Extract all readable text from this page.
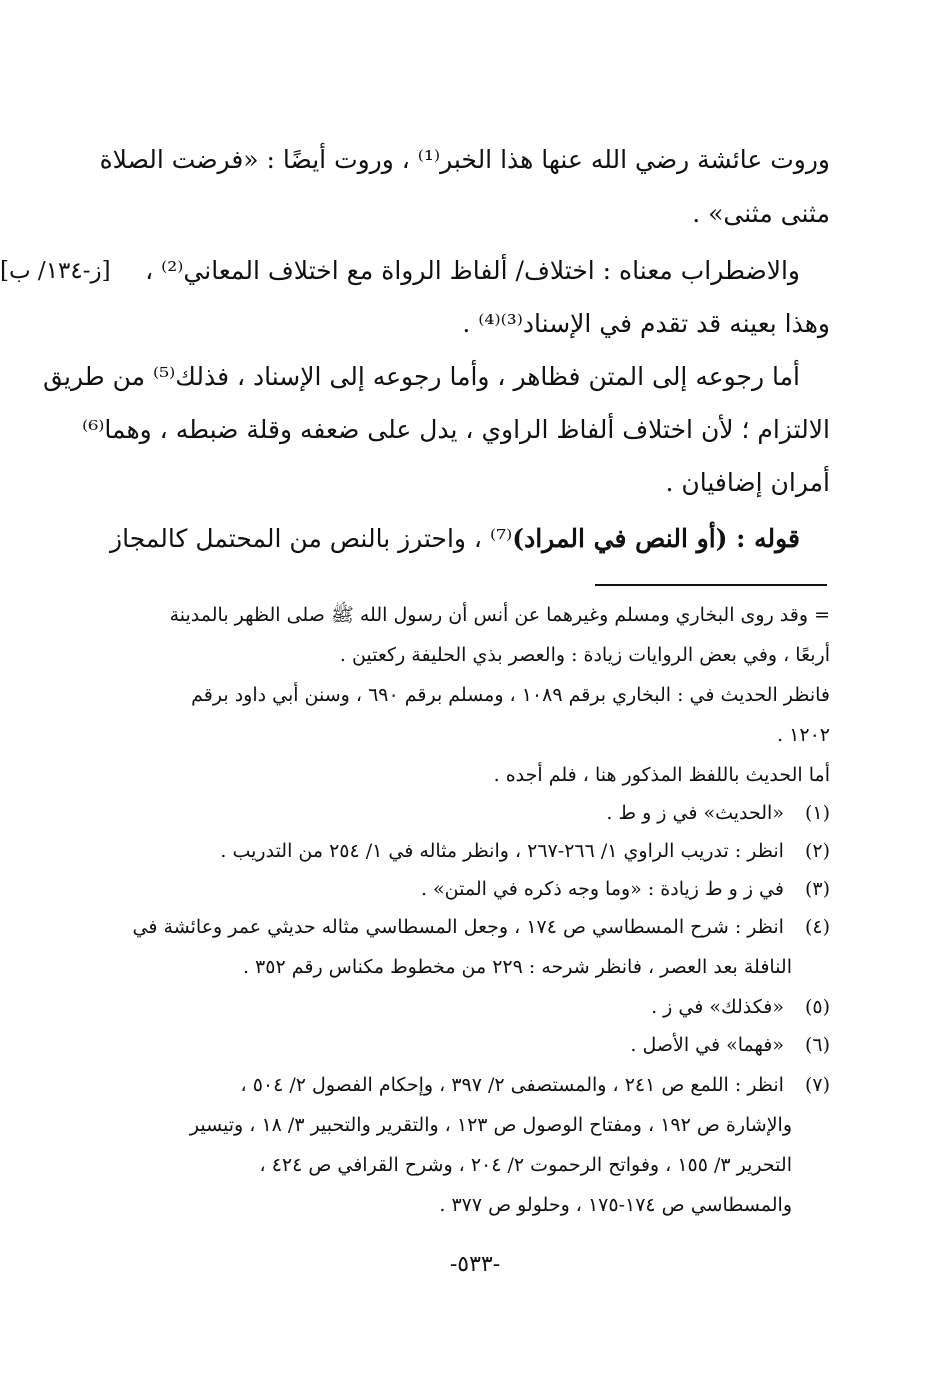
وروت عائشة رضي الله عنها هذا الخبر⁽¹⁾ ، وروت أيضًا : «فرضت الصلاة
مثنى مثنى» .
والاضطراب معناه : اختلاف/ ألفاظ الرواة مع اختلاف المعاني⁽²⁾ ،
[ز-١٣٤/ ب]
وهذا بعينه قد تقدم في الإسناد⁽³⁾⁽⁴⁾ .
أما رجوعه إلى المتن فظاهر ، وأما رجوعه إلى الإسناد ، فذلك⁽⁵⁾ من طريق
الالتزام ؛ لأن اختلاف ألفاظ الراوي ، يدل على ضعفه وقلة ضبطه ، وهما⁽⁶⁾
أمران إضافيان .
قوله : (أو النص في المراد)⁽⁷⁾ ، واحترز بالنص من المحتمل كالمجاز
= وقد روى البخاري ومسلم وغيرهما عن أنس أن رسول الله ﷺ صلى الظهر بالمدينة
أربعًا ، وفي بعض الروايات زيادة : والعصر بذي الحليفة ركعتين .
فانظر الحديث في : البخاري برقم ١٠٨٩ ، ومسلم برقم ٦٩٠ ، وسنن أبي داود برقم
١٢٠٢ .
أما الحديث باللفظ المذكور هنا ، فلم أجده .
(١) «الحديث» في ز و ط .
(٢) انظر : تدريب الراوي ١/ ٢٦٦-٢٦٧ ، وانظر مثاله في ١/ ٢٥٤ من التدريب .
(٣) في ز و ط زيادة : «وما وجه ذكره في المتن» .
(٤) انظر : شرح المسطاسي ص ١٧٤ ، وجعل المسطاسي مثاله حديثي عمر وعائشة في
النافلة بعد العصر ، فانظر شرحه : ٢٢٩ من مخطوط مكناس رقم ٣٥٢ .
(٥) «فكذلك» في ز .
(٦) «فهما» في الأصل .
(٧) انظر : اللمع ص ٢٤١ ، والمستصفى ٢/ ٣٩٧ ، وإحكام الفصول ٢/ ٥٠٤ ،
والإشارة ص ١٩٢ ، ومفتاح الوصول ص ١٢٣ ، والتقرير والتحبير ٣/ ١٨ ، وتيسير
التحرير ٣/ ١٥٥ ، وفواتح الرحموت ٢/ ٢٠٤ ، وشرح القرافي ص ٤٢٤ ،
والمسطاسي ص ١٧٤-١٧٥ ، وحلولو ص ٣٧٧ .
-٥٣٣-
